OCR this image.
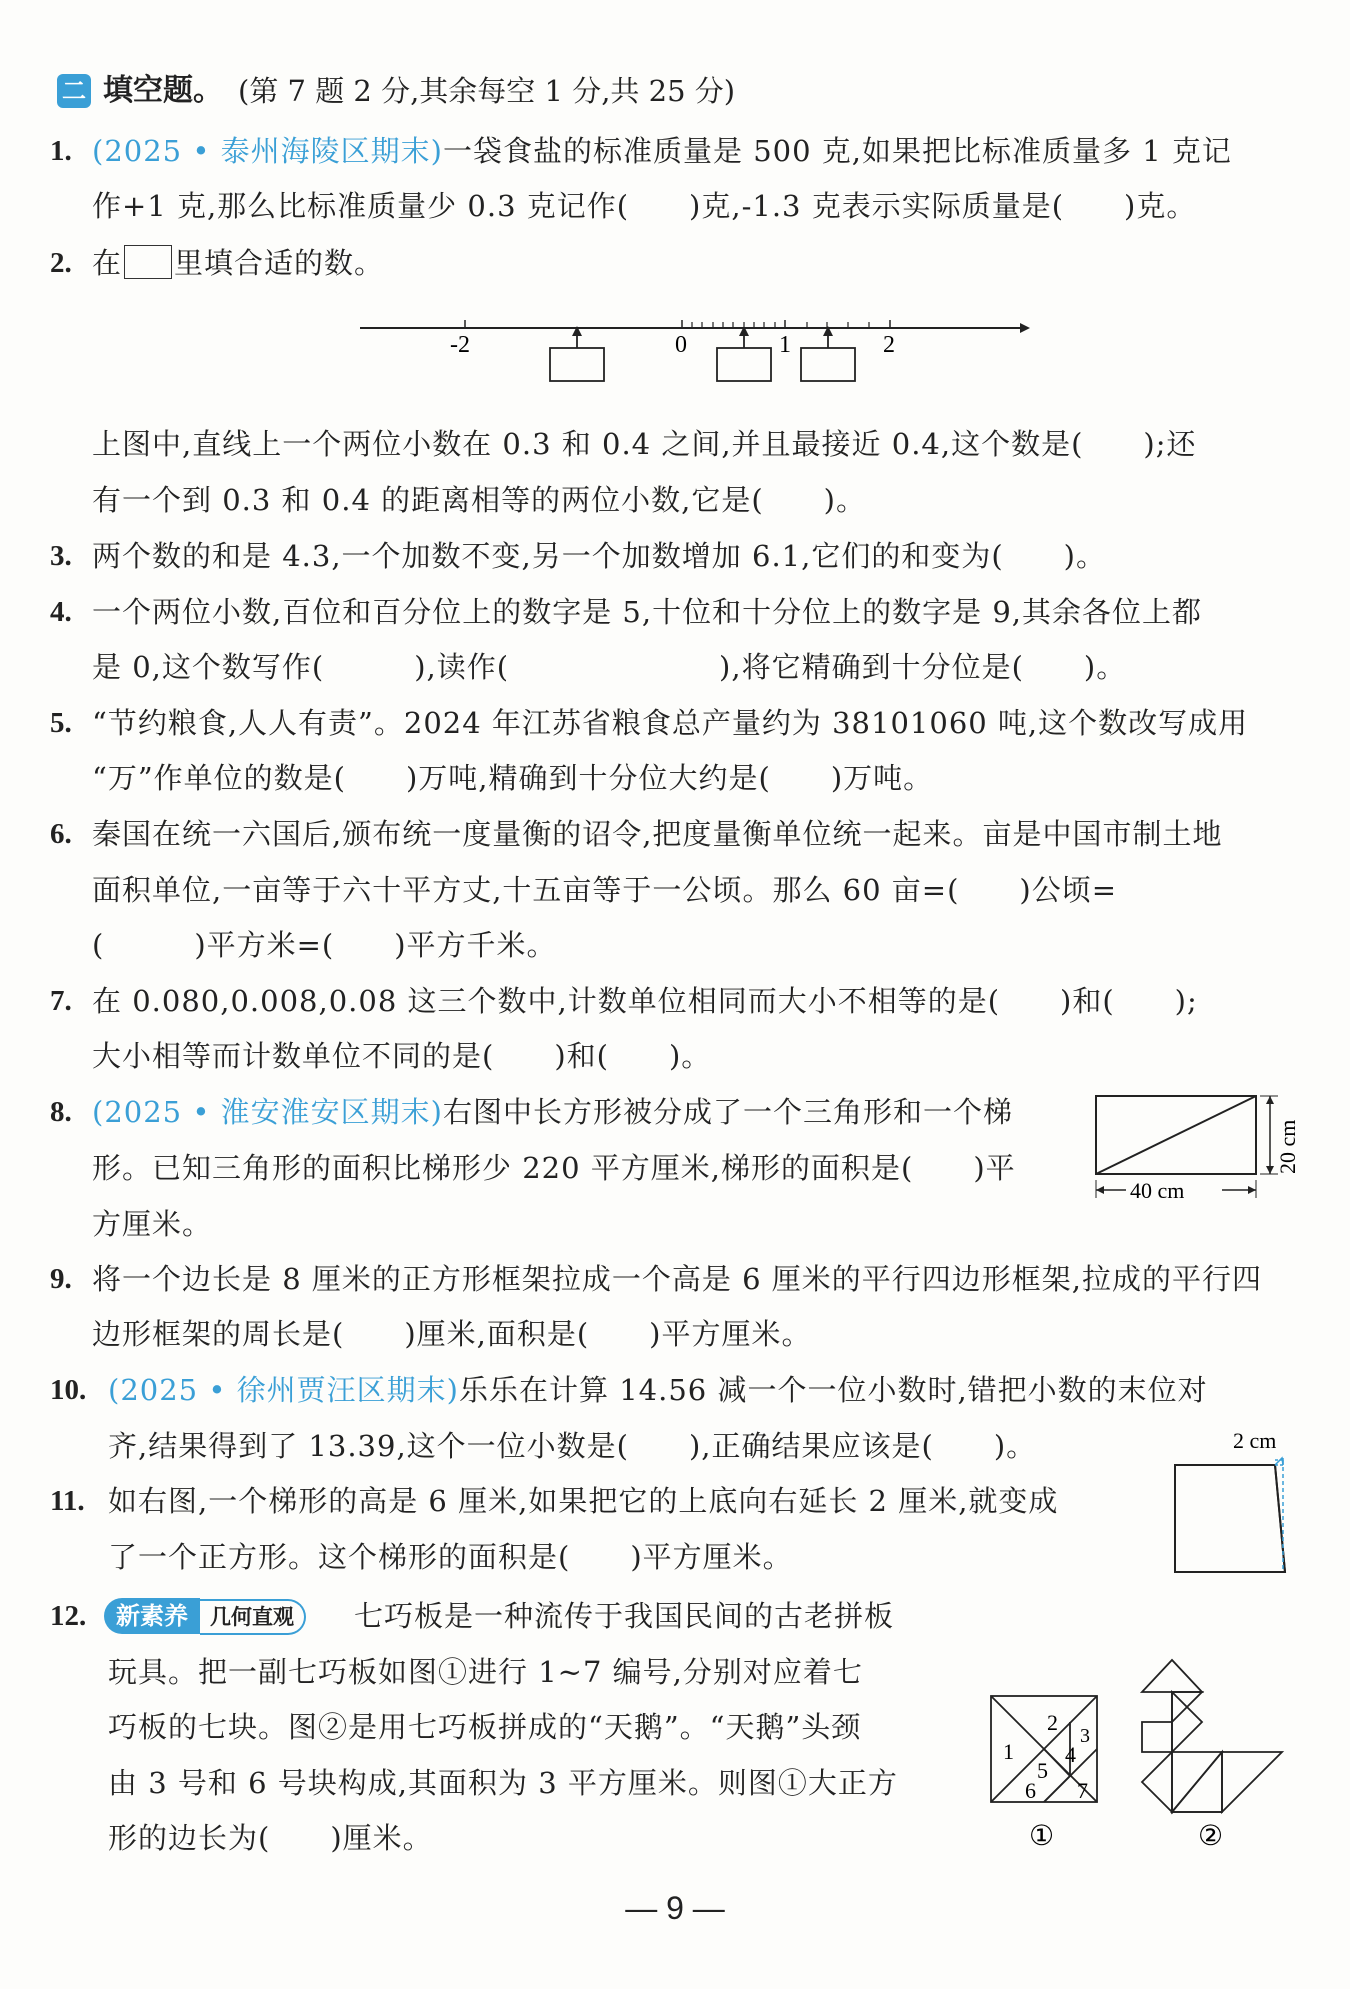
二 填空题。 (第 7 题 2 分,其余每空 1 分,共 25 分)
1. (2025 • 泰州海陵区期末)一袋食盐的标准质量是 500 克,如果把比标准质量多 1 克记
作+1 克,那么比标准质量少 0.3 克记作(　　)克,-1.3 克表示实际质量是(　　)克。
2. 在 里填合适的数。
-2	0	1	2
上图中,直线上一个两位小数在 0.3 和 0.4 之间,并且最接近 0.4,这个数是(　　);还
有一个到 0.3 和 0.4 的距离相等的两位小数,它是(　　)。
3. 两个数的和是 4.3,一个加数不变,另一个加数增加 6.1,它们的和变为(　　)。
4. 一个两位小数,百位和百分位上的数字是 5,十位和十分位上的数字是 9,其余各位上都
是 0,这个数写作(　　　),读作(　　　　　　　),将它精确到十分位是(　　)。
5. “节约粮食,人人有责”。2024 年江苏省粮食总产量约为 38101060 吨,这个数改写成用
“万”作单位的数是(　　)万吨,精确到十分位大约是(　　)万吨。
6. 秦国在统一六国后,颁布统一度量衡的诏令,把度量衡单位统一起来。亩是中国市制土地
面积单位,一亩等于六十平方丈,十五亩等于一公顷。那么 60 亩=(　　)公顷=
(　　　)平方米=(　　)平方千米。
7. 在 0.080,0.008,0.08 这三个数中,计数单位相同而大小不相等的是(　　)和(　　);
大小相等而计数单位不同的是(　　)和(　　)。
8. (2025 • 淮安淮安区期末)右图中长方形被分成了一个三角形和一个梯
形。已知三角形的面积比梯形少 220 平方厘米,梯形的面积是(　　)平
方厘米。
40 cm
20 cm
9. 将一个边长是 8 厘米的正方形框架拉成一个高是 6 厘米的平行四边形框架,拉成的平行四
边形框架的周长是(　　)厘米,面积是(　　)平方厘米。
10. (2025 • 徐州贾汪区期末)乐乐在计算 14.56 减一个一位小数时,错把小数的末位对
齐,结果得到了 13.39,这个一位小数是(　　),正确结果应该是(　　)。
11. 如右图,一个梯形的高是 6 厘米,如果把它的上底向右延长 2 厘米,就变成
了一个正方形。这个梯形的面积是(　　)平方厘米。
2 cm
12.	新素养 几何直观	七巧板是一种流传于我国民间的古老拼板
玩具。把一副七巧板如图①进行 1~7 编号,分别对应着七
巧板的七块。图②是用七巧板拼成的“天鹅”。“天鹅”头颈
由 3 号和 6 号块构成,其面积为 3 平方厘米。则图①大正方
形的边长为(　　)厘米。
2
3
4
1
5
6 7
①	②
— 9 —
